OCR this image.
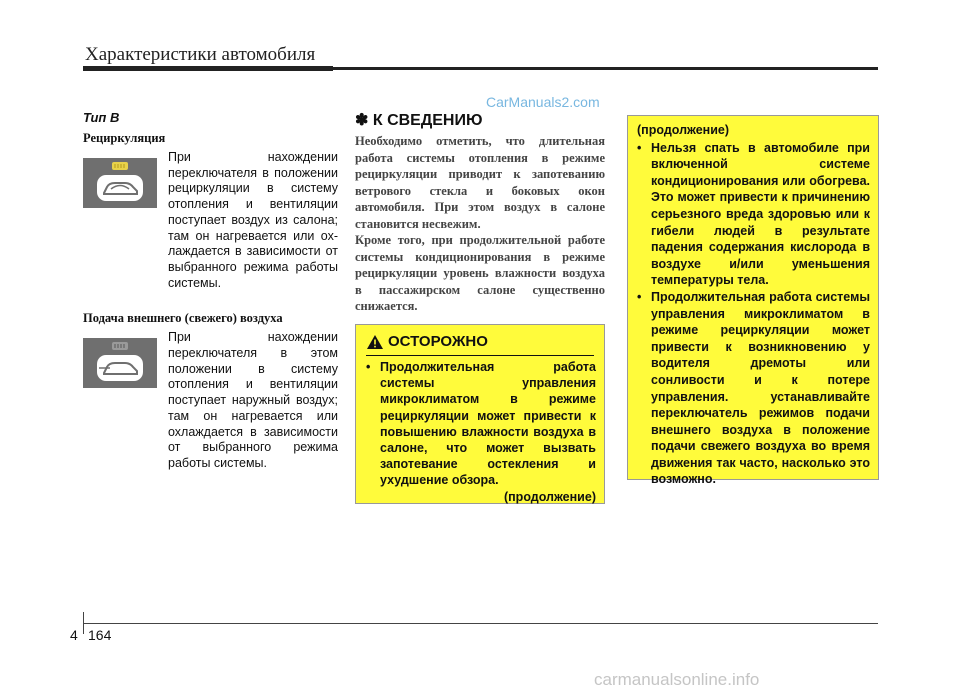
Характеристики автомобиля
CarManuals2.com
Тип B
Рециркуляция
При нахождении переключателя в положении рециркуляции в систему отопления и вентиляции поступает воздух из салона; там он нагревается или ох-лаждается в зависимости от выбранного режима работы системы.
Подача внешнего (свежего) воздуха
При нахождении переключателя в этом положении в систему отопления и вентиляции поступает наружный воздух; там он нагревается или охлаждается в зависимости от выбранного режима работы системы.
✽ К СВЕДЕНИЮ

Необходимо отметить, что длительная работа системы отопления в режиме рециркуляции приводит к запотеванию ветрового стекла и боковых окон автомобиля. При этом воздух в салоне становится несвежим.

Кроме того, при продолжительной работе системы кондиционирования в режиме рециркуляции уровень влажности воздуха в пассажирском салоне существенно снижается.

ОСТОРОЖНО
• Продолжительная работа системы управления микроклиматом в режиме рециркуляции может привести к повышению влажности воздуха в салоне, что может вызвать запотевание остекления и ухудшение обзора.
(продолжение)
(продолжение)
• Нельзя спать в автомобиле при включенной системе кондиционирования или обогрева. Это может привести к причинению серьезного вреда здоровью или к гибели людей в результате падения содержания кислорода в воздухе и/или уменьшения температуры тела.
• Продолжительная работа системы управления микроклиматом в режиме рециркуляции может привести к возникновению у водителя дремоты или сонливости и к потере управления. устанавливайте переключатель режимов подачи внешнего воздуха в положение подачи свежего воздуха во время движения так часто, насколько это возможно.
4 164
carmanualsonline.info
